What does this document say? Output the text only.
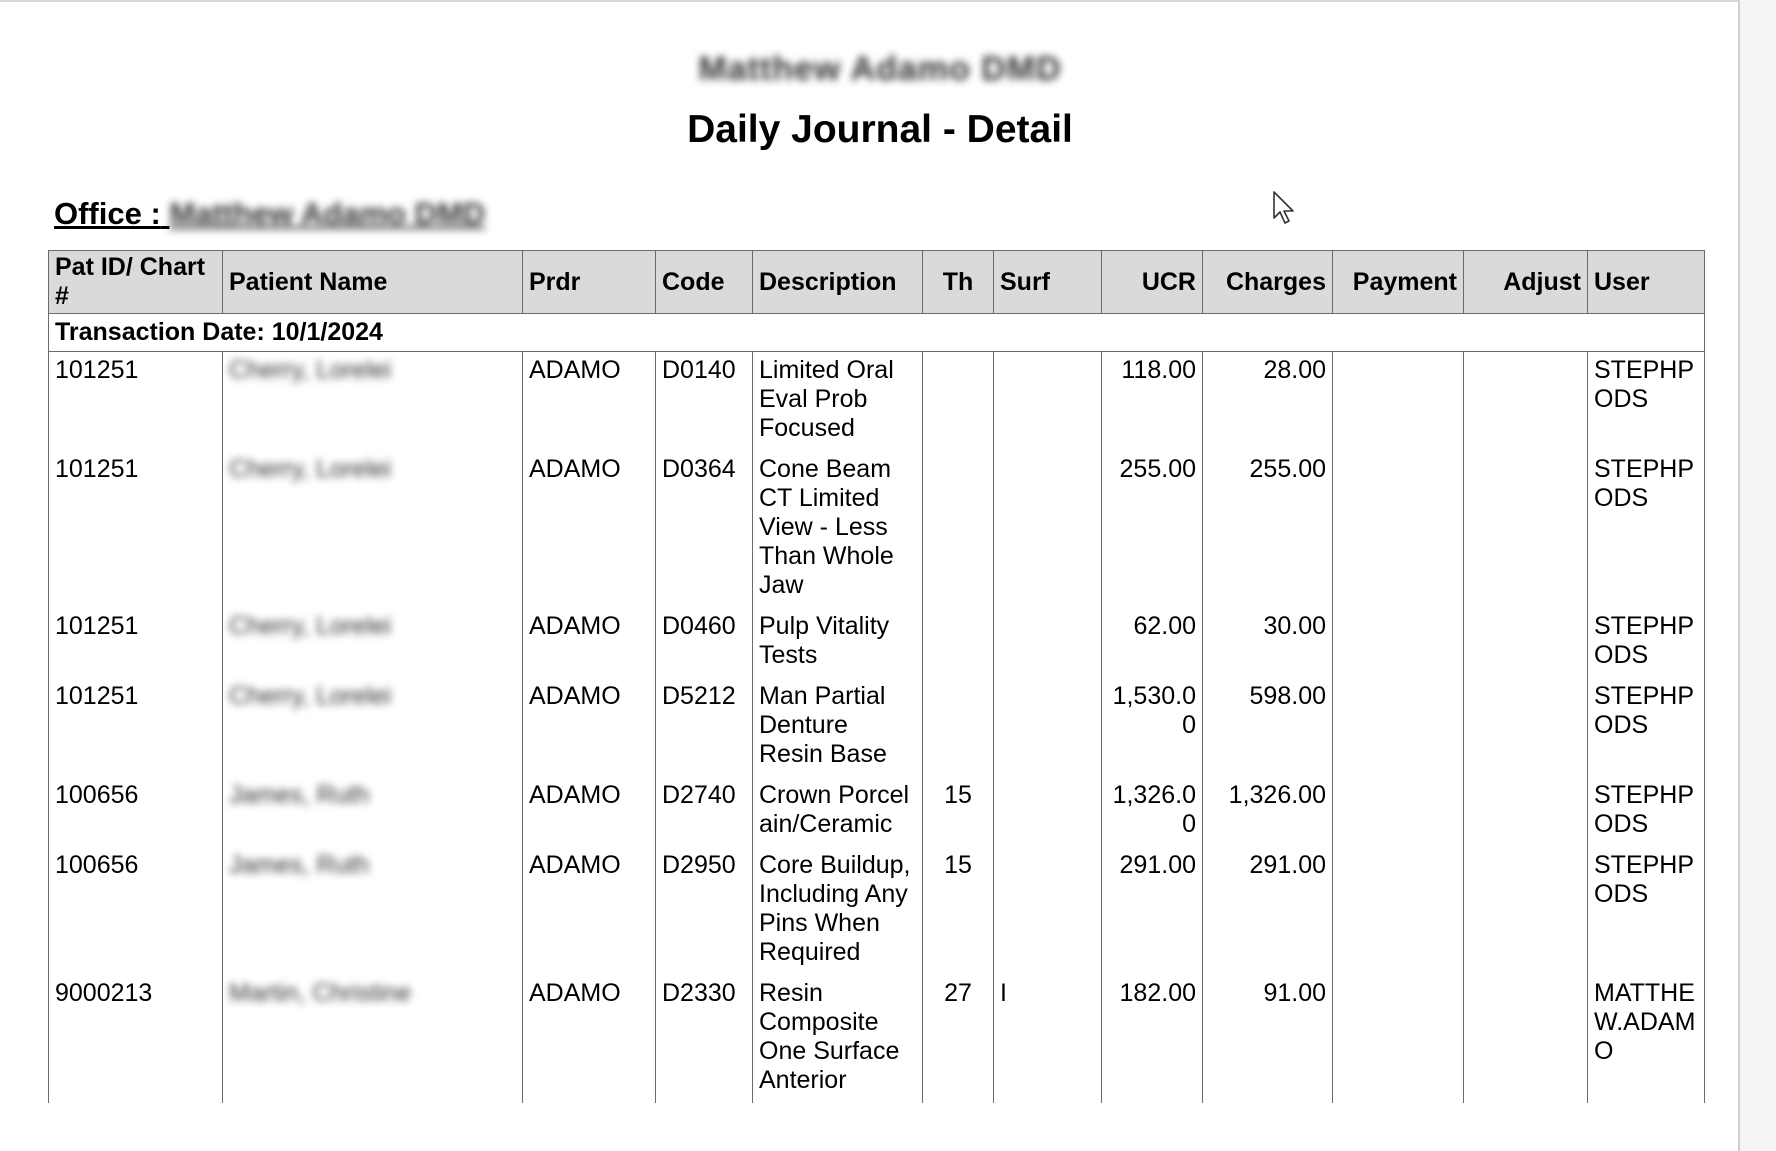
Matthew Adamo DMD
Daily Journal - Detail
Office : Matthew Adamo DMD
Pat ID/ Chart #	Patient Name	Prdr	Code	Description	Th	Surf	UCR	Charges	Payment	Adjust	User
Transaction Date: 10/1/2024											
101251	Cherry, Lorelei	ADAMO	D0140	Limited Oral Eval Prob Focused			118.00	28.00			STEPHPODS
101251	Cherry, Lorelei	ADAMO	D0364	Cone Beam CT Limited View - Less Than Whole Jaw			255.00	255.00			STEPHPODS
101251	Cherry, Lorelei	ADAMO	D0460	Pulp Vitality Tests			62.00	30.00			STEPHPODS
101251	Cherry, Lorelei	ADAMO	D5212	Man Partial Denture Resin Base			1,530.00	598.00			STEPHPODS
100656	James, Ruth	ADAMO	D2740	Crown Porcelain/Ceramic	15		1,326.00	1,326.00			STEPHPODS
100656	James, Ruth	ADAMO	D2950	Core Buildup, Including Any Pins When Required	15		291.00	291.00			STEPHPODS
9000213	Martin, Christine	ADAMO	D2330	Resin Composite One Surface Anterior	27	I	182.00	91.00			MATTHEW.ADAMO
